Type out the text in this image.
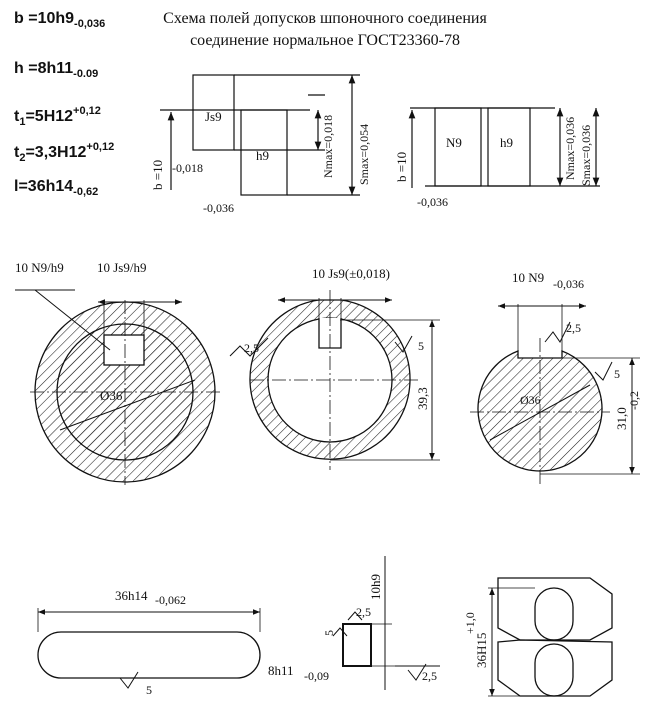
$b =10h9_{-0,036}$
$h =8h11_{-0.09}$
$t_1=5H12^{+0,12}$
$t_2=3,3H12^{+0,12}$
$l=36h14_{-0,62}$
Схема полей допусков шпоночного соединения
соединение нормальное ГОСТ23360-78
Js9
h9
b =10 -0,018
-0,036
Nmax=0,018 Smax=0,054	N9	h9
b =10
-0,036
Nmax=0,036 Smax=0,036
10 N9/h9	10 Js9/h9
Ø36
10 Js9(±0,018)
2,5	5
39,3
10 N9 -0,036
2,5
5
Ø36
31,0
-0,2
36h14 -0,062
5
10h9
8h11 -0,09
5
2,5
2,5
36H15
+1,0
